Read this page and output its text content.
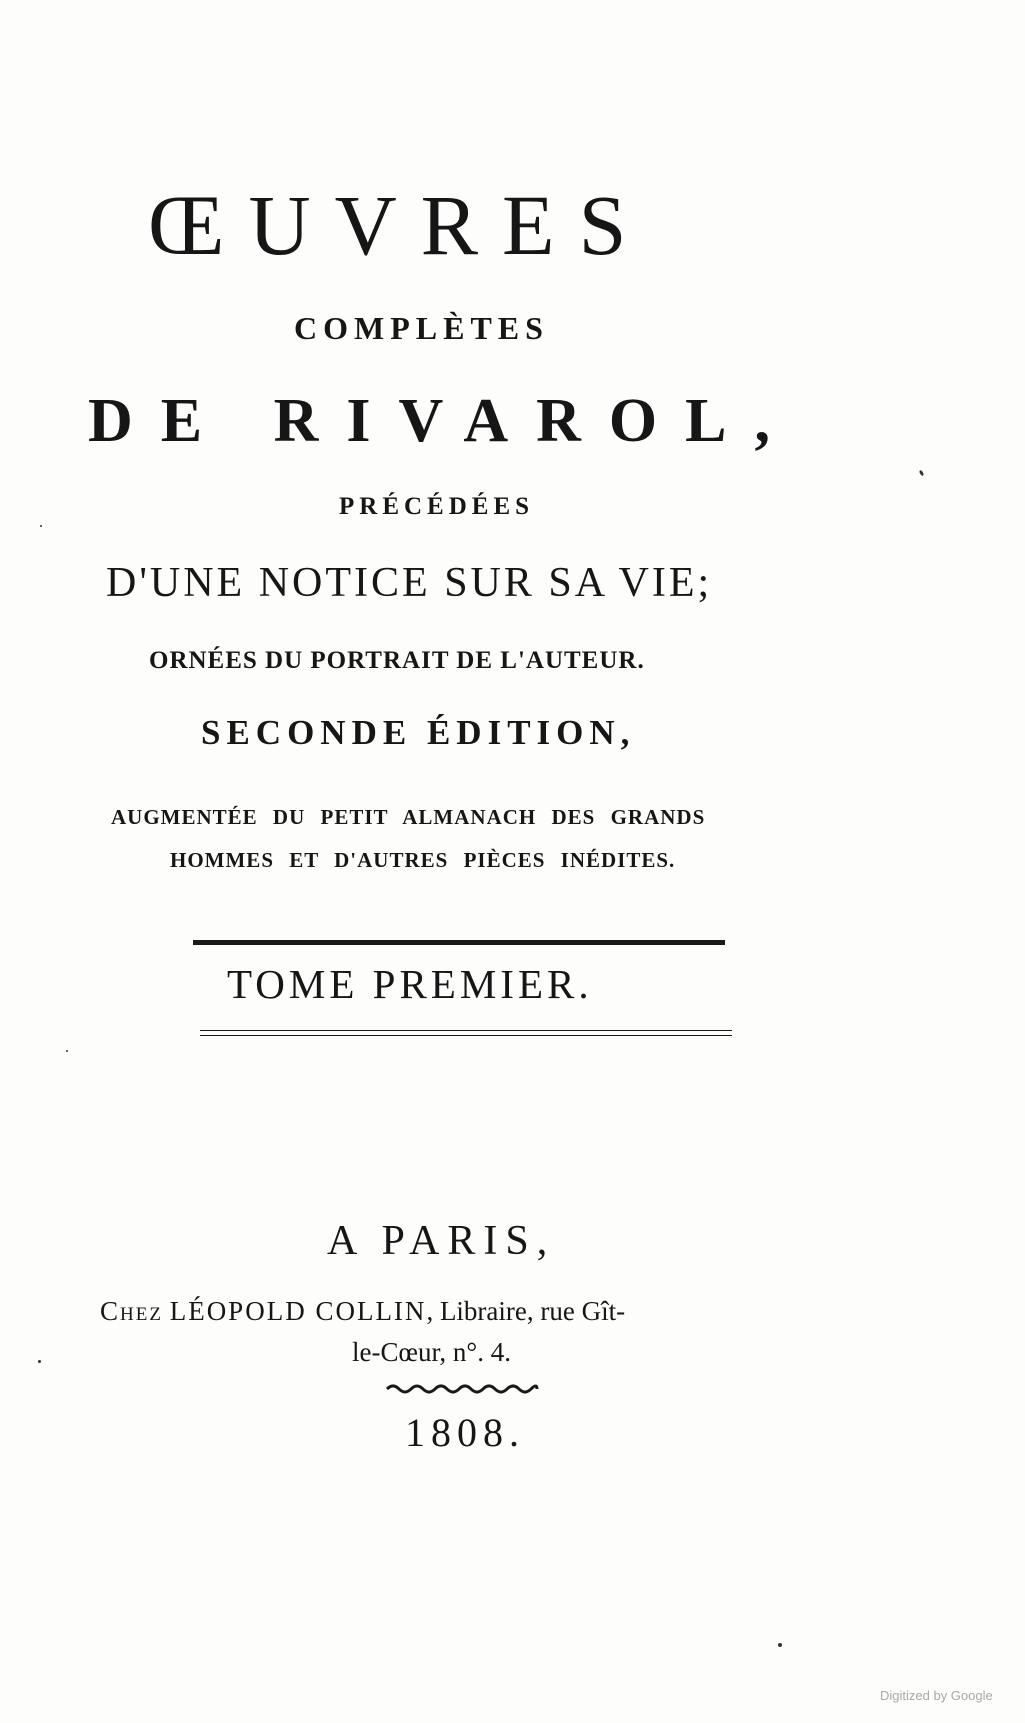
ŒUVRES
COMPLÈTES
DE RIVAROL,
PRÉCÉDÉES
D'UNE NOTICE SUR SA VIE;
ORNÉES DU PORTRAIT DE L'AUTEUR.
SECONDE ÉDITION,
AUGMENTÉE DU PETIT ALMANACH DES GRANDS
HOMMES ET D'AUTRES PIÈCES INÉDITES.
TOME PREMIER.
A PARIS,
Chez LÉOPOLD COLLIN, Libraire, rue Gît-
le-Cœur, n°. 4.
1808.
Digitized by Google
